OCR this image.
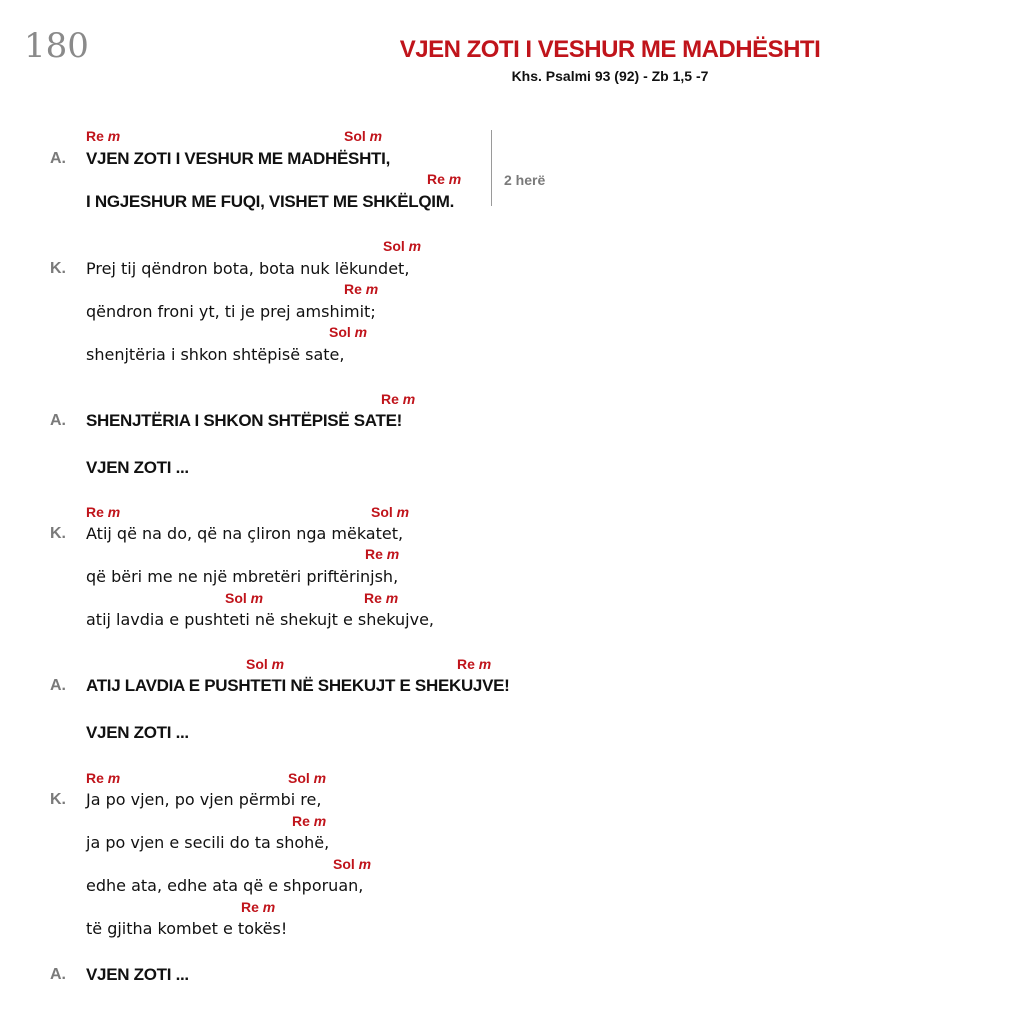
180	VJEN ZOTI I VESHUR ME MADHËSHTI
Khs. Psalmi 93 (92) - Zb 1,5 -7
Re m	Sol m
A. VJEN ZOTI I VESHUR ME MADHËSHTI,
Re m
I NGJESHUR ME FUQI, VISHET ME SHKËLQIM.
2 herë
Sol m
K. Prej tij qëndron bota, bota nuk lëkundet,
Re m
qëndron froni yt, ti je prej amshimit;
Sol m
shenjtëria i shkon shtëpisë sate,
Re m
A. SHENJTËRIA I SHKON SHTËPISË SATE!
VJEN ZOTI ...
Re m	Sol m
K. Atij që na do, që na çliron nga mëkatet,
Re m
që bëri me ne një mbretëri priftërinjsh,
Sol m	Re m
atij lavdia e pushteti në shekujt e shekujve,
Sol m	Re m
A. ATIJ LAVDIA E PUSHTETI NË SHEKUJT E SHEKUJVE!
VJEN ZOTI ...
Re m	Sol m
K. Ja po vjen, po vjen përmbi re,
Re m
ja po vjen e secili do ta shohë,
Sol m
edhe ata, edhe ata që e shporuan,
Re m
të gjitha kombet e tokës!
A. VJEN ZOTI ...
